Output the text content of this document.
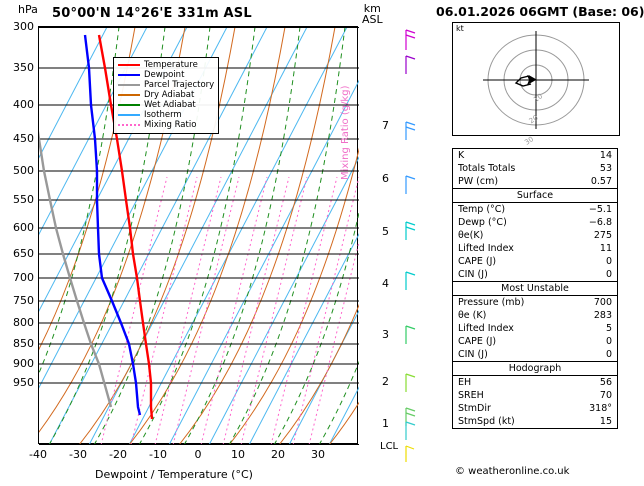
hPa 50°00'N 14°26'E 331m ASL	km
ASL
Temperature
Dewpoint
Parcel Trajectory
Dry Adiabat
Wet Adiabat
Isotherm
Mixing Ratio
300
350
400
450
500
550
600
650
700
750
800
850
900
950
-40	-30	-20	-10	0	10	20	30
Dewpoint / Temperature (°C)
7
6
5
4
3
2
1
LCL
Mixing Ratio (g/kg)
06.01.2026 06GMT (Base: 06)
kt
10
20
30
K	14
Totals Totals	53
PW (cm)	0.57
Surface
Temp (°C)	−5.1
Dewp (°C)	−6.8
θe(K)	275
Lifted Index	11
CAPE (J)	0
CIN (J)	0
Most Unstable
Pressure (mb)	700
θe (K)	283
Lifted Index	5
CAPE (J)	0
CIN (J)	0
Hodograph
EH	56
SREH	70
StmDir	318°
StmSpd (kt)	15
© weatheronline.co.uk
